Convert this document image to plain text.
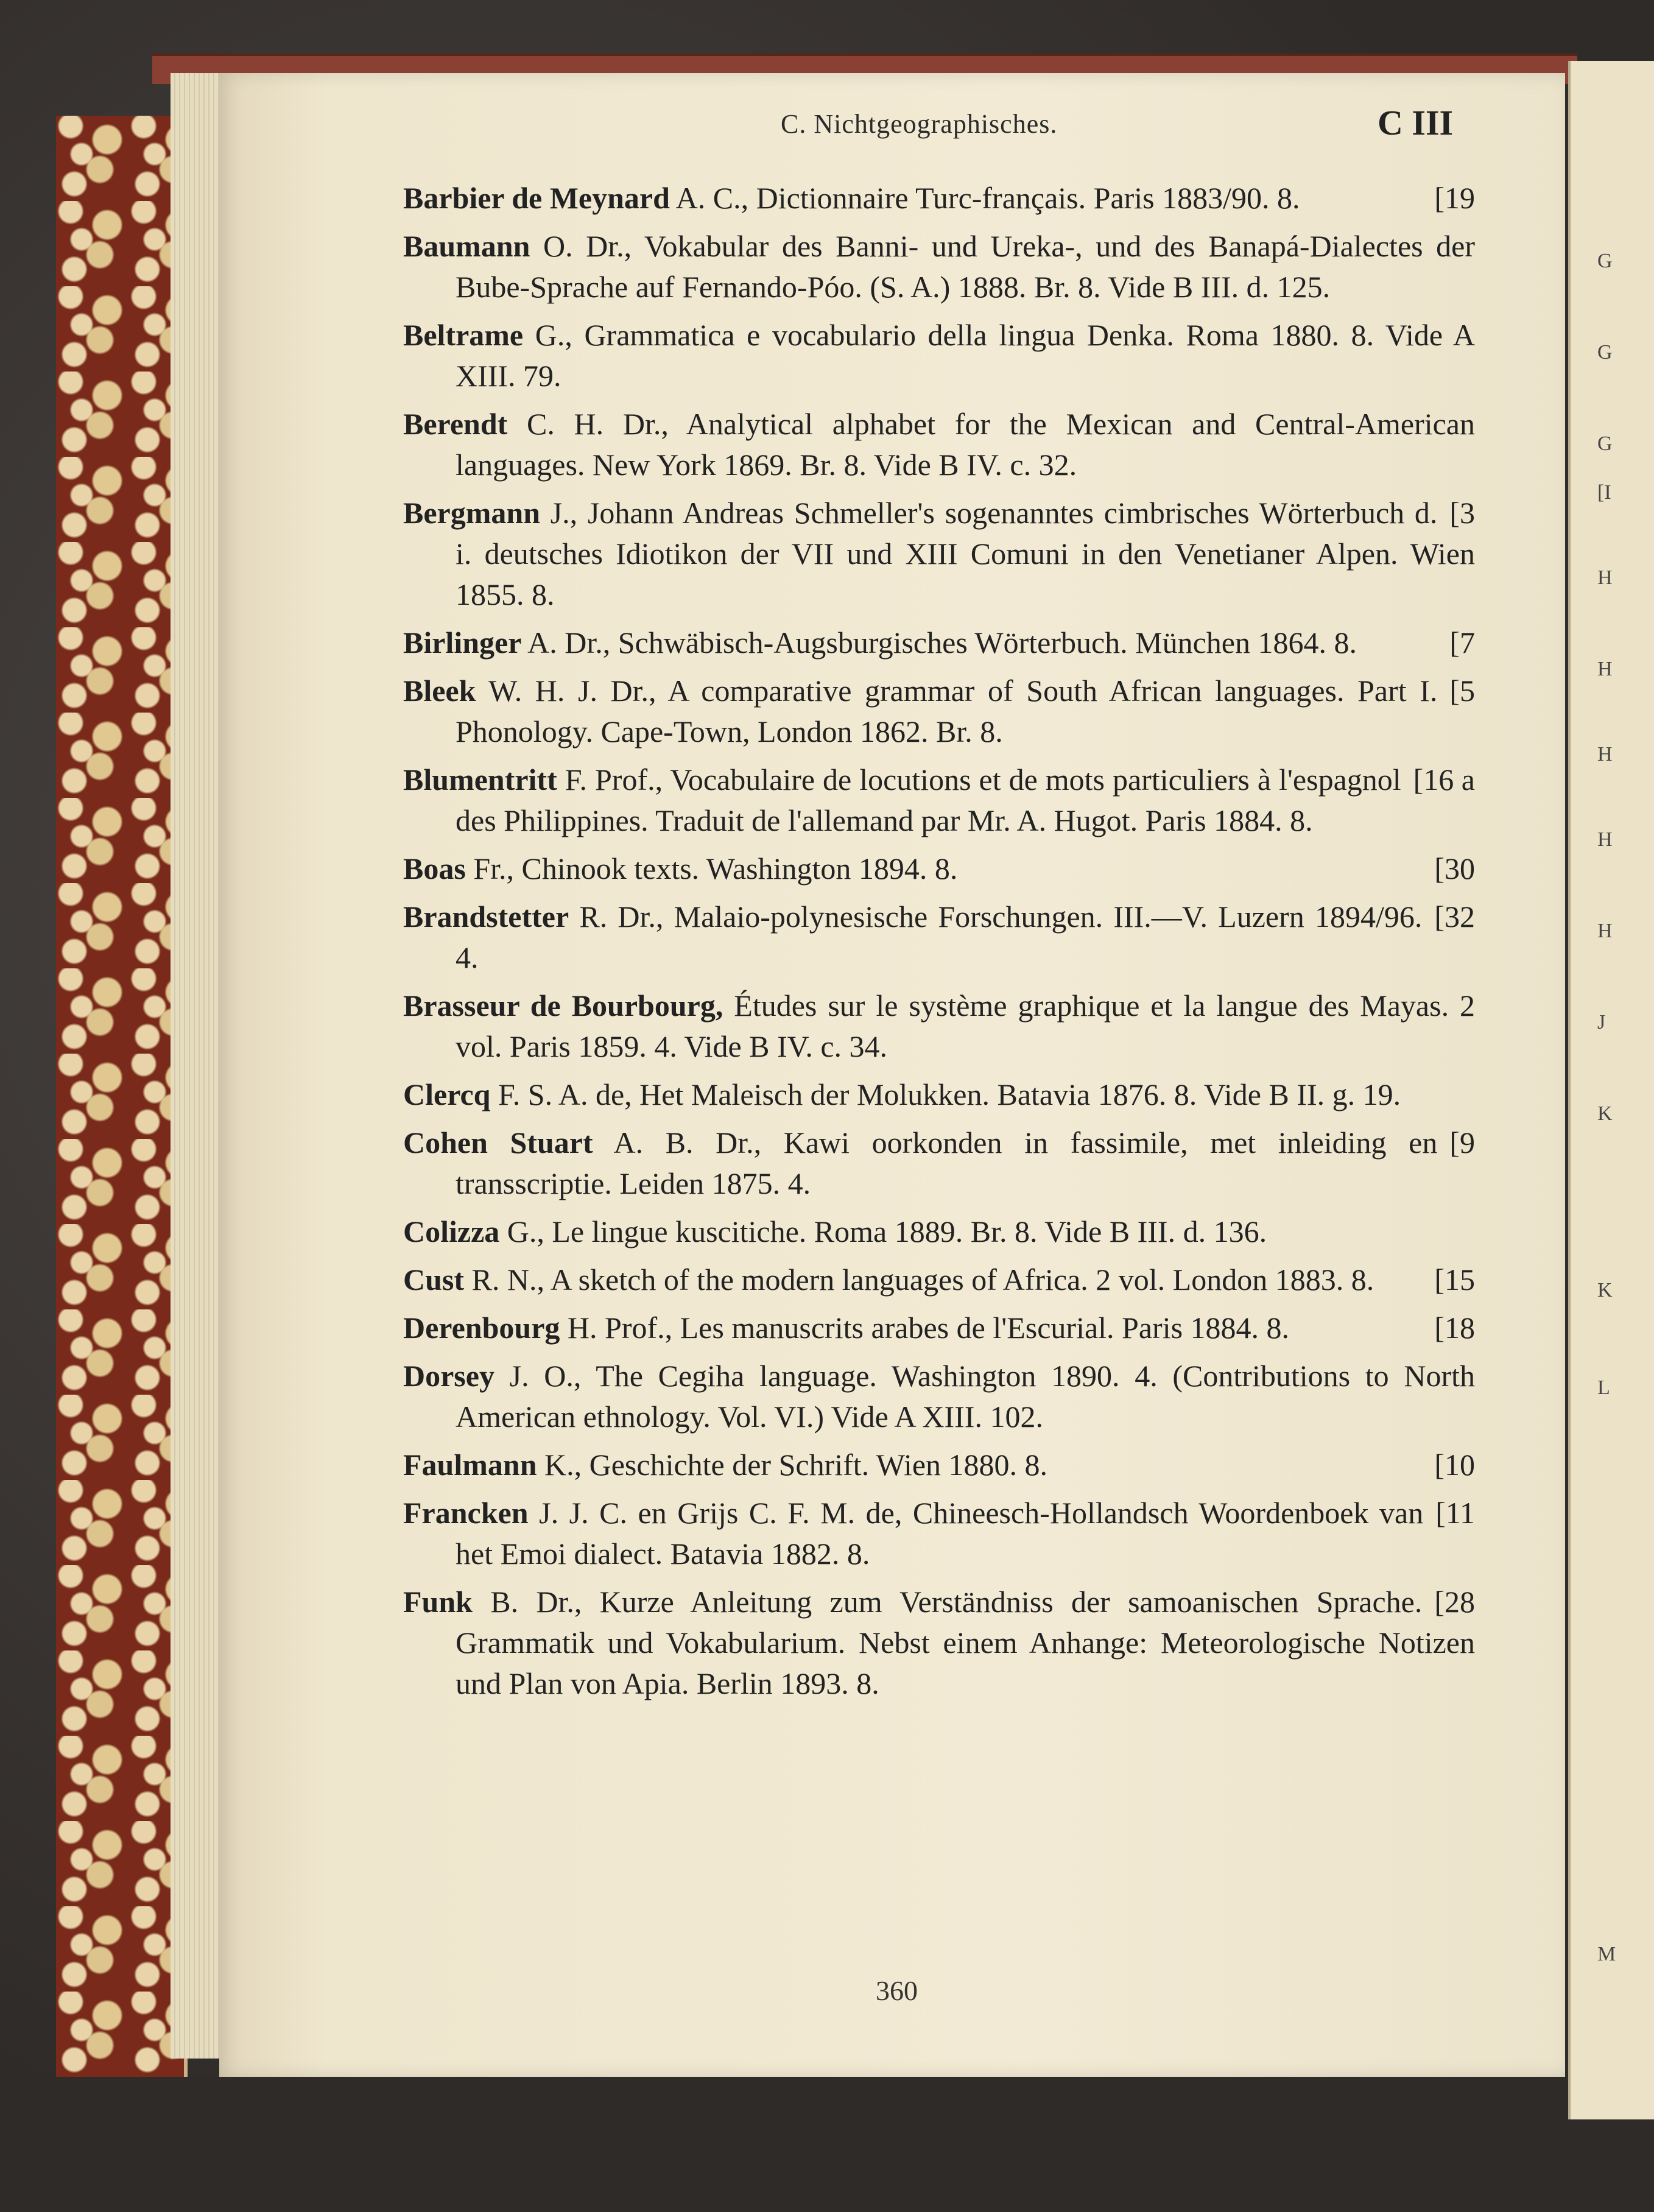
G
G
G
[I
H
H
H
H
H
J
K
K
L
M
C. Nichtgeographisches.	C III
[19
Barbier de Meynard A. C., Dictionnaire Turc-français. Paris 1883/90. 8.
Baumann O. Dr., Vokabular des Banni- und Ureka-, und des Banapá-Dialectes der Bube-Sprache auf Fernando-Póo. (S. A.) 1888. Br. 8. Vide B III. d. 125.
Beltrame G., Grammatica e vocabulario della lingua Denka. Roma 1880. 8. Vide A XIII. 79.
Berendt C. H. Dr., Analytical alphabet for the Mexican and Central-American languages. New York 1869. Br. 8. Vide B IV. c. 32.
[3
Bergmann J., Johann Andreas Schmeller's sogenanntes cimbrisches Wörterbuch d. i. deutsches Idiotikon der VII und XIII Comuni in den Venetianer Alpen. Wien 1855. 8.
[7
Birlinger A. Dr., Schwäbisch-Augsburgisches Wörterbuch. München 1864. 8.
[5
Bleek W. H. J. Dr., A comparative grammar of South African languages. Part I. Phonology. Cape-Town, London 1862. Br. 8.
[16 a
Blumentritt F. Prof., Vocabulaire de locutions et de mots particuliers à l'espagnol des Philippines. Traduit de l'allemand par Mr. A. Hugot. Paris 1884. 8.
[30
Boas Fr., Chinook texts. Washington 1894. 8.
[32
Brandstetter R. Dr., Malaio-polynesische Forschungen. III.—V. Luzern 1894/96. 4.
Brasseur de Bourbourg, Études sur le système graphique et la langue des Mayas. 2 vol. Paris 1859. 4. Vide B IV. c. 34.
Clercq F. S. A. de, Het Maleisch der Molukken. Batavia 1876. 8. Vide B II. g. 19.
[9
Cohen Stuart A. B. Dr., Kawi oorkonden in fassimile, met inleiding en transscriptie. Leiden 1875. 4.
Colizza G., Le lingue kuscitiche. Roma 1889. Br. 8. Vide B III. d. 136.
[15
Cust R. N., A sketch of the modern languages of Africa. 2 vol. London 1883. 8.
[18
Derenbourg H. Prof., Les manuscrits arabes de l'Escurial. Paris 1884. 8.
Dorsey J. O., The Cegiha language. Washington 1890. 4. (Contributions to North American ethnology. Vol. VI.) Vide A XIII. 102.
[10
Faulmann K., Geschichte der Schrift. Wien 1880. 8.
[11
Francken J. J. C. en Grijs C. F. M. de, Chineesch-Hollandsch Woordenboek van het Emoi dialect. Batavia 1882. 8.
[28
Funk B. Dr., Kurze Anleitung zum Verständniss der samoanischen Sprache. Grammatik und Vokabularium. Nebst einem Anhange: Meteorologische Notizen und Plan von Apia. Berlin 1893. 8.
360
